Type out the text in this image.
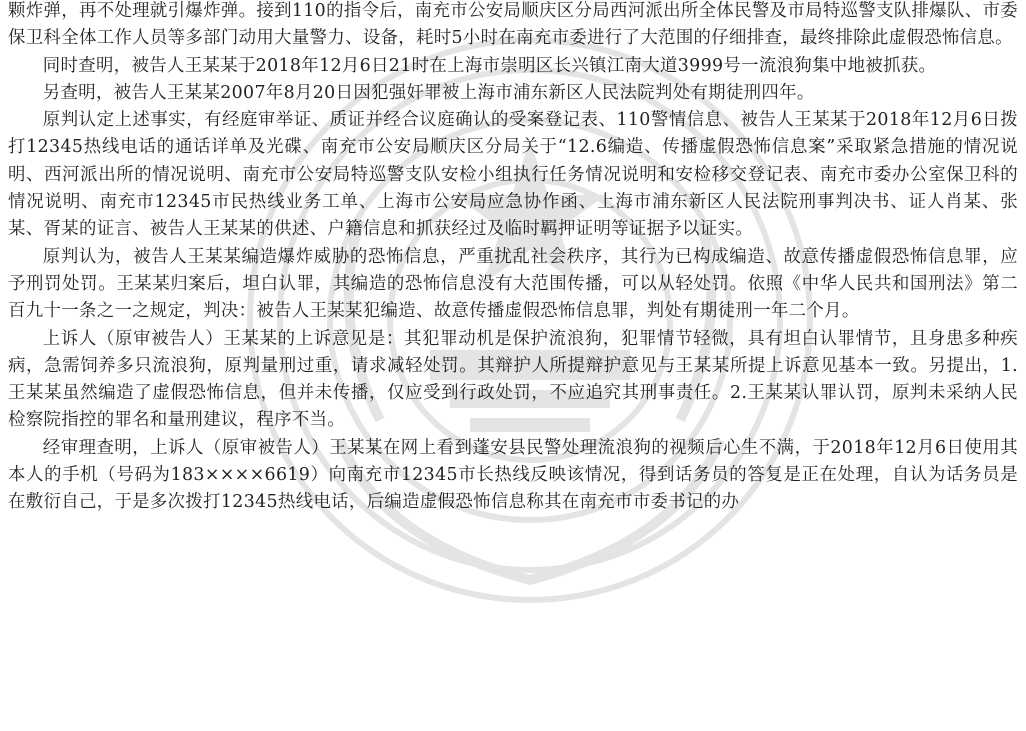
颗炸弹，再不处理就引爆炸弹。接到110的指令后，南充市公安局顺庆区分局西河派出所全体民警及市局特巡警支队排爆队、市委保卫科全体工作人员等多部门动用大量警力、设备，耗时5小时在南充市委进行了大范围的仔细排查，最终排除此虚假恐怖信息。

同时查明，被告人王某某于2018年12月6日21时在上海市崇明区长兴镇江南大道3999号一流浪狗集中地被抓获。

另查明，被告人王某某2007年8月20日因犯强奸罪被上海市浦东新区人民法院判处有期徒刑四年。

原判认定上述事实，有经庭审举证、质证并经合议庭确认的受案登记表、110警情信息、被告人王某某于2018年12月6日拨打12345热线电话的通话详单及光碟、南充市公安局顺庆区分局关于“12.6编造、传播虚假恐怖信息案”采取紧急措施的情况说明、西河派出所的情况说明、南充市公安局特巡警支队安检小组执行任务情况说明和安检移交登记表、南充市委办公室保卫科的情况说明、南充市12345市民热线业务工单、上海市公安局应急协作函、上海市浦东新区人民法院刑事判决书、证人肖某、张某、胥某的证言、被告人王某某的供述、户籍信息和抓获经过及临时羁押证明等证据予以证实。

原判认为，被告人王某某编造爆炸威胁的恐怖信息，严重扰乱社会秩序，其行为已构成编造、故意传播虚假恐怖信息罪，应予刑罚处罚。王某某归案后，坦白认罪，其编造的恐怖信息没有大范围传播，可以从轻处罚。依照《中华人民共和国刑法》第二百九十一条之一之规定，判决：被告人王某某犯编造、故意传播虚假恐怖信息罪，判处有期徒刑一年二个月。

上诉人（原审被告人）王某某的上诉意见是：其犯罪动机是保护流浪狗，犯罪情节轻微，具有坦白认罪情节，且身患多种疾病，急需饲养多只流浪狗，原判量刑过重，请求减轻处罚。其辩护人所提辩护意见与王某某所提上诉意见基本一致。另提出，1.王某某虽然编造了虚假恐怖信息，但并未传播，仅应受到行政处罚，不应追究其刑事责任。2.王某某认罪认罚，原判未采纳人民检察院指控的罪名和量刑建议，程序不当。

经审理查明，上诉人（原审被告人）王某某在网上看到蓬安县民警处理流浪狗的视频后心生不满，于2018年12月6日使用其本人的手机（号码为183××××6619）向南充市12345市长热线反映该情况，得到话务员的答复是正在处理，自认为话务员是在敷衍自己，于是多次拨打12345热线电话，后编造虚假恐怖信息称其在南充市市委书记的办
